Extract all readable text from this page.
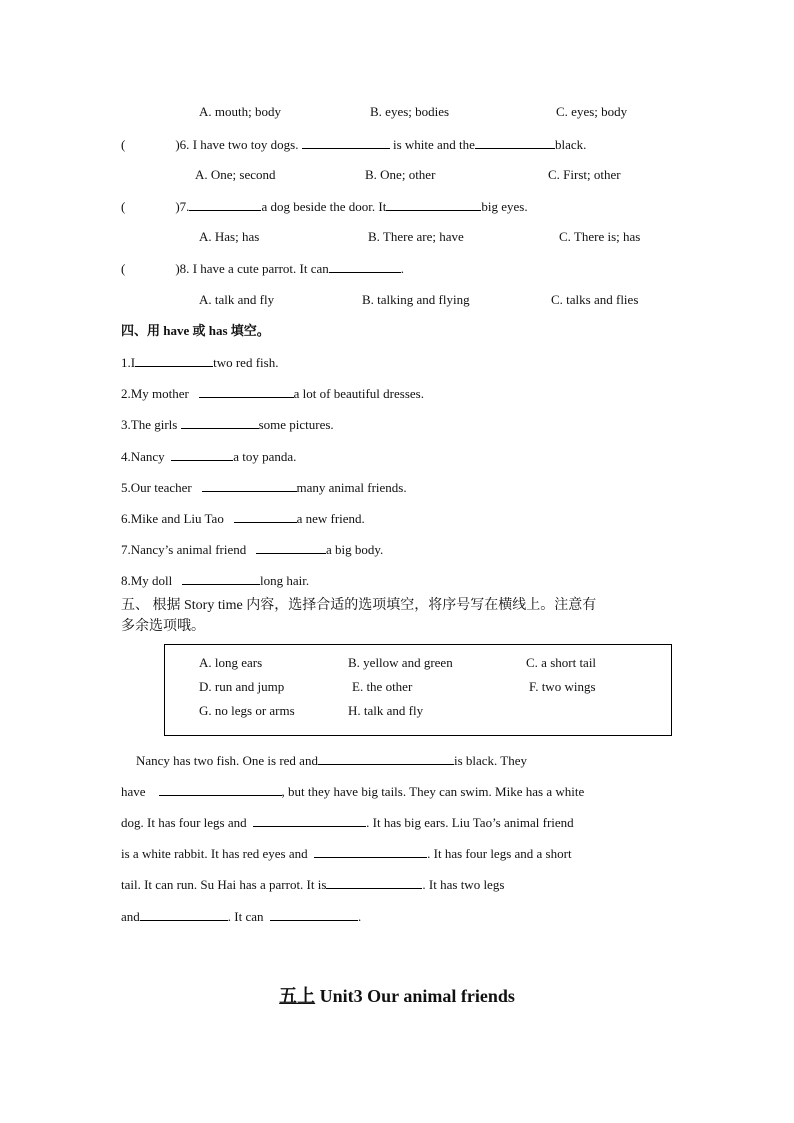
A. mouth; body	B. eyes; bodies	C. eyes; body
(	)6. I have two toy dogs.	is white and the	black.
A. One; second	B. One; other	C. First; other
(	)7.	a dog beside the door. It	big eyes.
A. Has; has	B. There are; have	C. There is; has
(	)8. I have a cute parrot. It can	.
A. talk and fly	B. talking and flying	C. talks and flies
四、用 have 或 has 填空。
1.I	two red fish.
2.My mother	a lot of beautiful dresses.
3.The girls	some pictures.
4.Nancy	a toy panda.
5.Our teacher	many animal friends.
6.Mike and Liu Tao	a new friend.
7.Nancy’s animal friend	a big body.
8.My doll	long hair.
五、 根据 Story time 内容，选择合适的选项填空，将序号写在横线上。注意有
多余选项哦。
A. long ears	B. yellow and green	C. a short tail
D. run and jump	E. the other	F. two wings
G. no legs or arms	H. talk and fly
Nancy has two fish. One is red and	is black. They
have	, but they have big tails. They can swim. Mike has a white
dog. It has four legs and	. It has big ears. Liu Tao’s animal friend
is a white rabbit. It has red eyes and	. It has four legs and a short
tail. It can run. Su Hai has a parrot. It is	. It has two legs
and	. It can	.
五上 Unit3 Our animal friends
